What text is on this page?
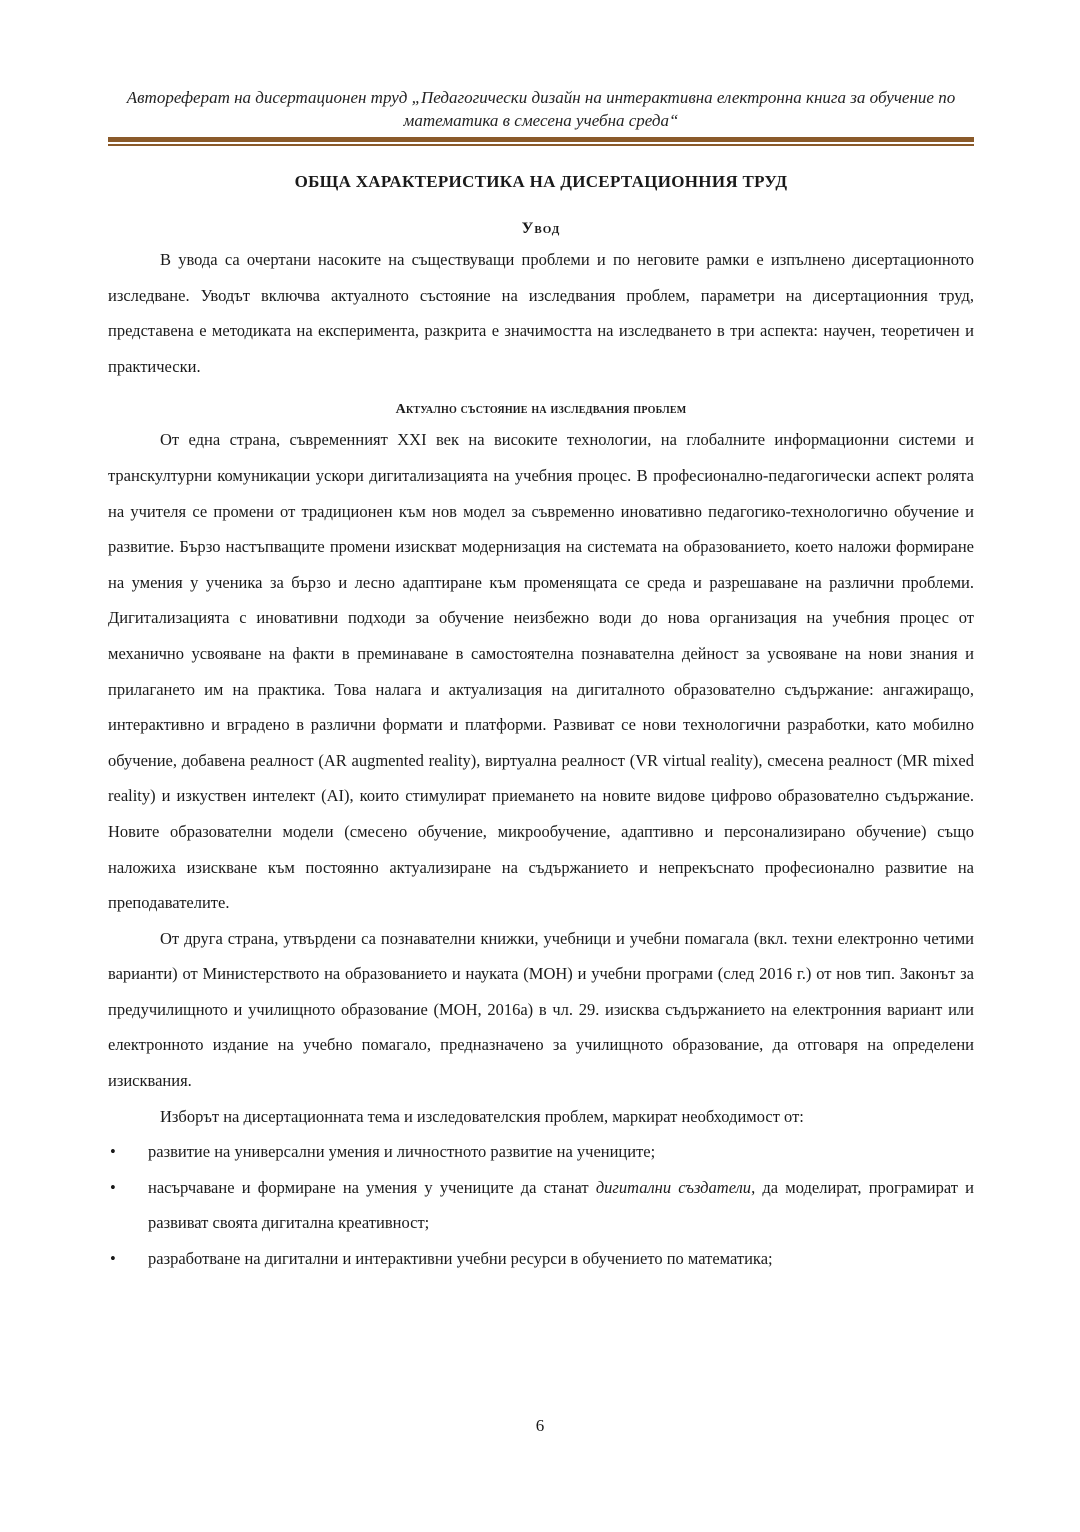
Автореферат на дисертационен труд „Педагогически дизайн на интерактивна електронна книга за обучение по математика в смесена учебна среда“
ОБЩА ХАРАКТЕРИСТИКА НА ДИСЕРТАЦИОННИЯ ТРУД
Увод

В увода са очертани насоките на съществуващи проблеми и по неговите рамки е изпълнено дисертационното изследване. Уводът включва актуалното състояние на изследвания проблем, параметри на дисертационния труд, представена е методиката на експеримента, разкрита е значимостта на изследването в три аспекта: научен, теоретичен и практически.

Актуално състояние на изследвания проблем

От една страна, съвременният XXI век на високите технологии, на глобалните информационни системи и транскултурни комуникации ускори дигитализацията на учебния процес. В професионално-педагогически аспект ролята на учителя се промени от традиционен към нов модел за съвременно иновативно педагогико-технологично обучение и развитие. Бързо настъпващите промени изискват модернизация на системата на образованието, което наложи формиране на умения у ученика за бързо и лесно адаптиране към променящата се среда и разрешаване на различни проблеми. Дигитализацията с иновативни подходи за обучение неизбежно води до нова организация на учебния процес от механично усвояване на факти в преминаване в самостоятелна познавателна дейност за усвояване на нови знания и прилагането им на практика. Това налага и актуализация на дигиталното образователно съдържание: ангажиращо, интерактивно и вградено в различни формати и платформи. Развиват се нови технологични разработки, като мобилно обучение, добавена реалност (AR augmented reality), виртуална реалност (VR virtual reality), смесена реалност (MR mixed reality) и изкуствен интелект (AI), които стимулират приемането на новите видове цифрово образователно съдържание. Новите образователни модели (смесено обучение, микрообучение, адаптивно и персонализирано обучение) също наложиха изискване към постоянно актуализиране на съдържанието и непрекъснато професионално развитие на преподавателите.

От друга страна, утвърдени са познавателни книжки, учебници и учебни помагала (вкл. техни електронно четими варианти) от Министерството на образованието и науката (МОН) и учебни програми (след 2016 г.) от нов тип. Законът за предучилищното и училищното образование (МОН, 2016а) в чл. 29. изисква съдържанието на електронния вариант или електронното издание на учебно помагало, предназначено за училищното образование, да отговаря на определени изисквания.

Изборът на дисертационната тема и изследователския проблем, маркират необходимост от:

• развитие на универсални умения и личностното развитие на учениците;
• насърчаване и формиране на умения у учениците да станат дигитални създатели, да моделират, програмират и развиват своята дигитална креативност;
• разработване на дигитални и интерактивни учебни ресурси в обучението по математика;
6
